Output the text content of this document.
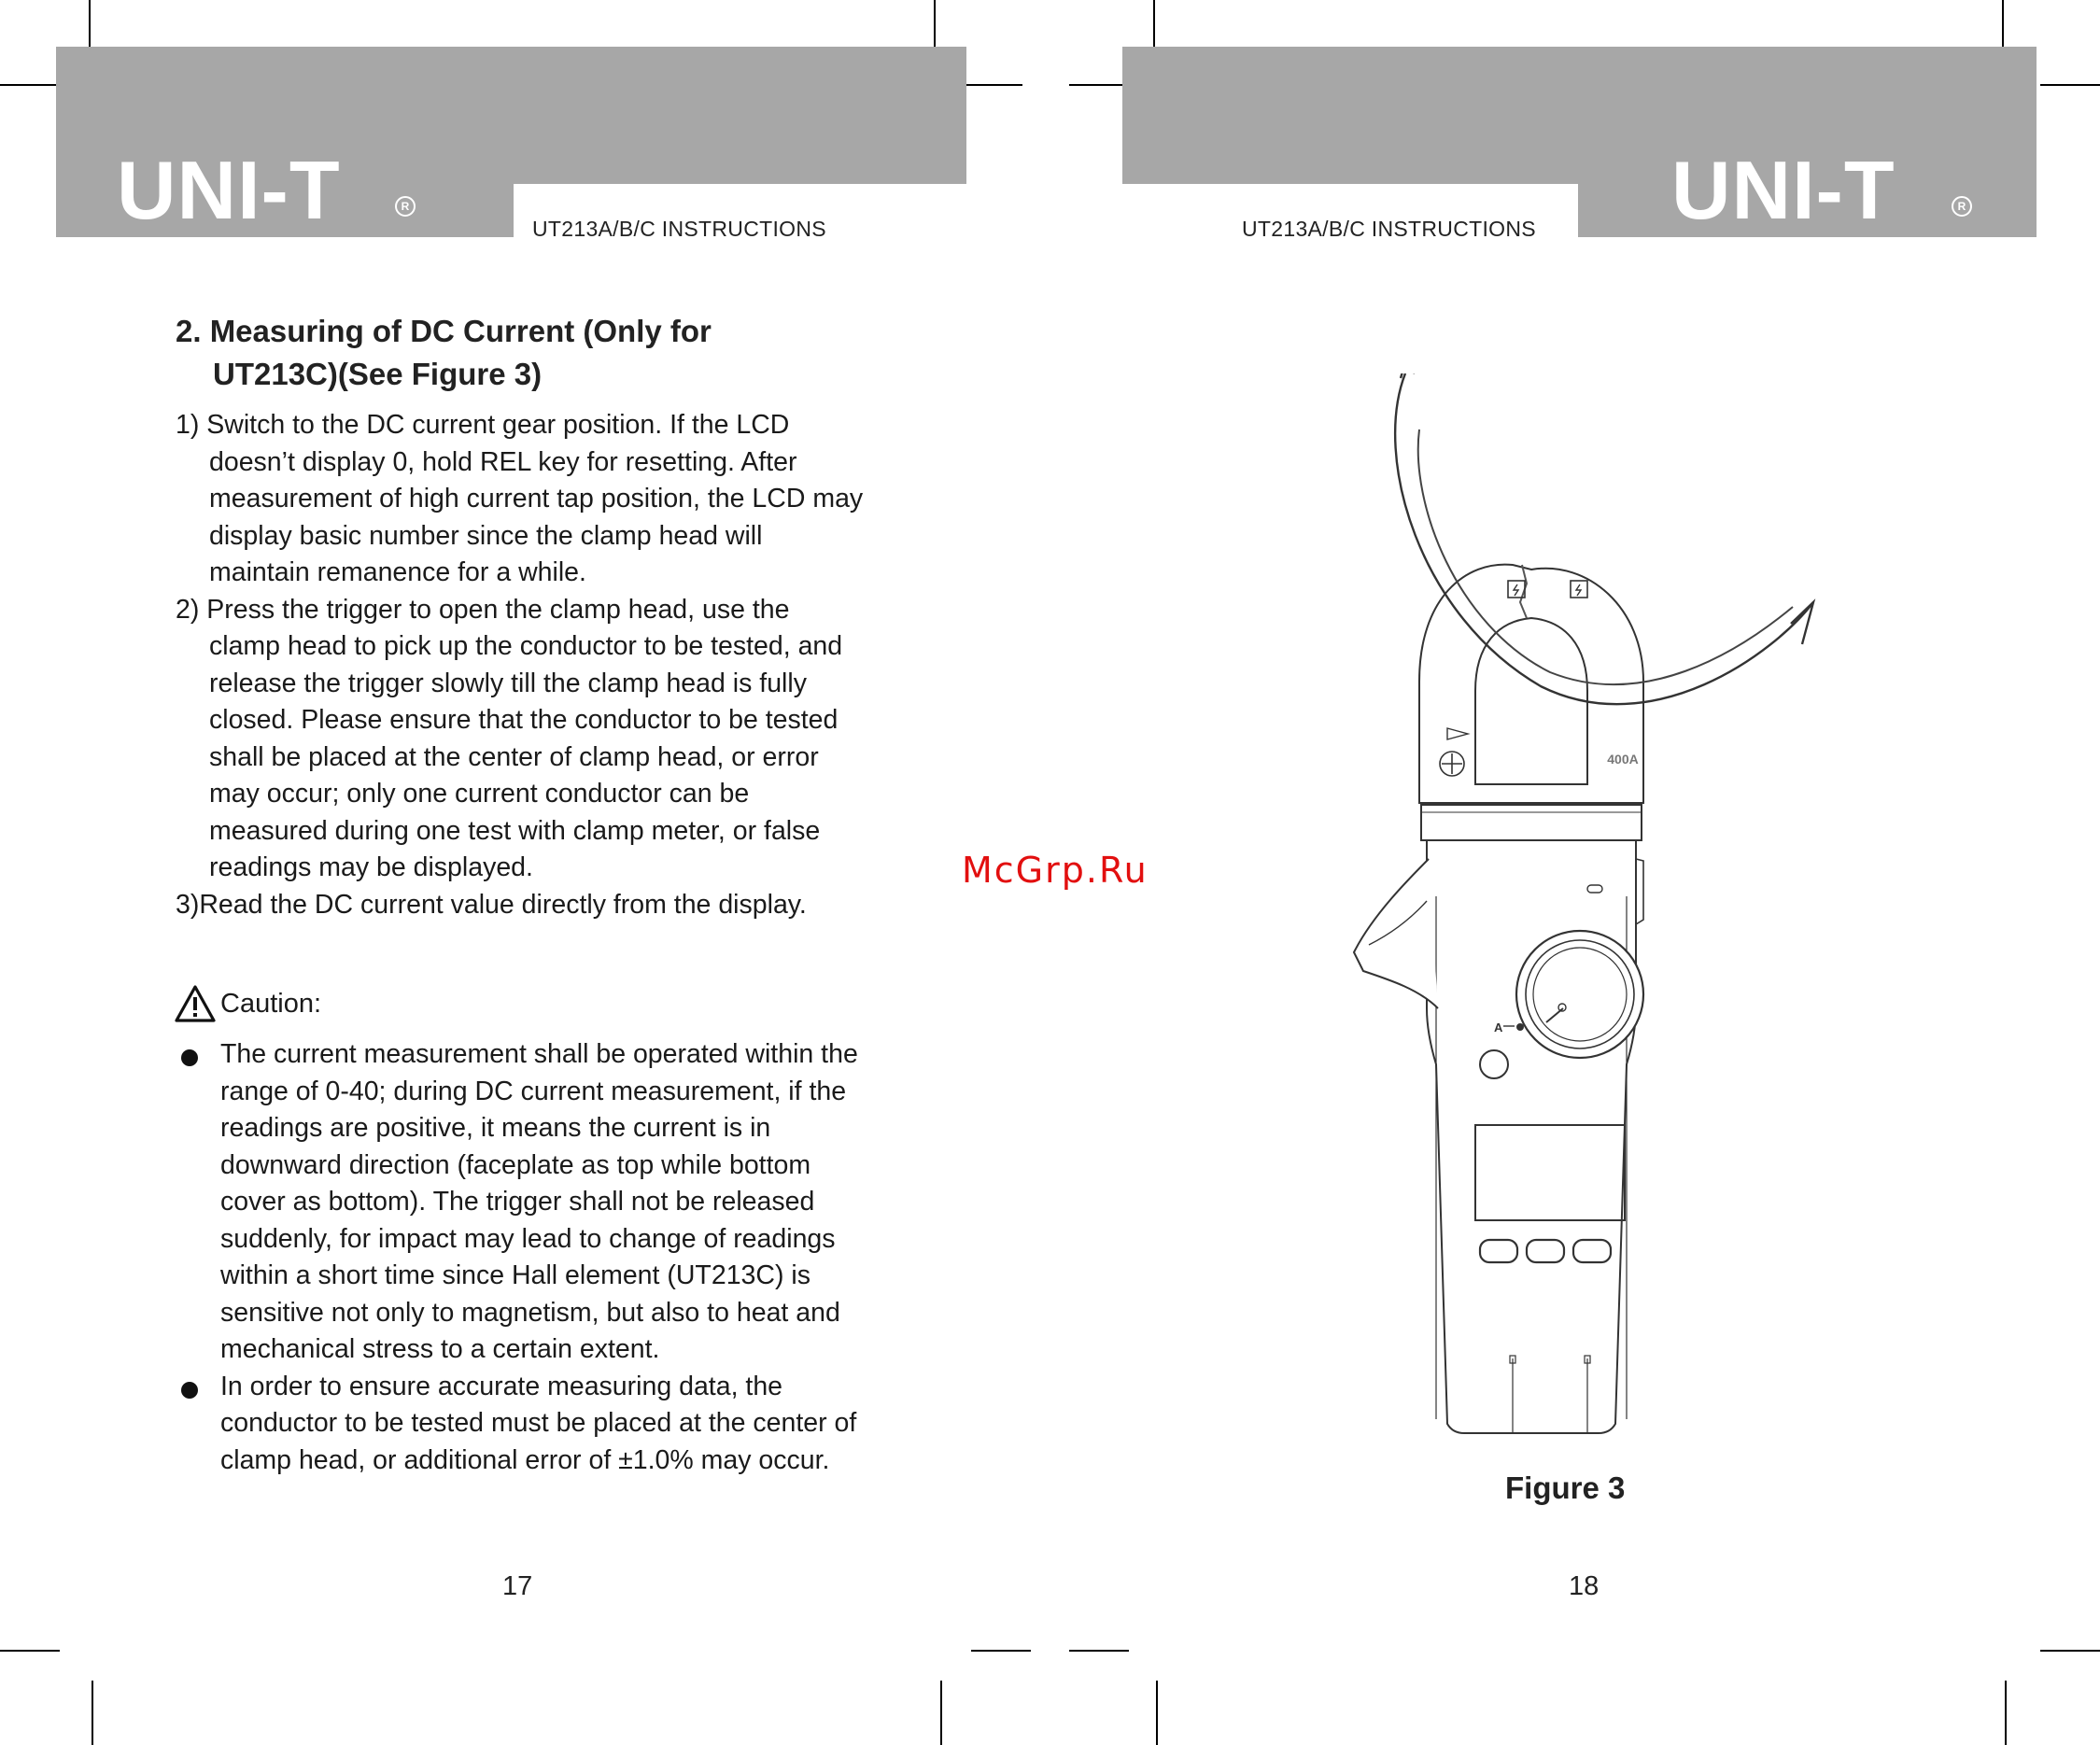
UNI-T	R
UT213A/B/C INSTRUCTIONS	UNI-T	R
UT213A/B/C INSTRUCTIONS
2. Measuring of DC Current (Only for
UT213C)(See Figure 3)

1) Switch to the DC current gear position. If the LCD doesn’t display 0, hold REL key for resetting. After measurement of high current tap position, the LCD may display basic number since the clamp head will maintain remanence for a while.

2) Press the trigger to open the clamp head, use the clamp head to pick up the conductor to be tested, and release the trigger slowly till the clamp head is fully closed. Please ensure that the conductor to be tested shall be placed at the center of clamp head, or error may occur; only one current conductor can be measured during one test with clamp meter, or false readings may be displayed.

3)Read the DC current value directly from the display.

Caution:

The current measurement shall be operated within the range of 0-40; during DC current measurement, if the readings are positive, it means the current is in downward direction (faceplate as top while bottom cover as bottom). The trigger shall not be released suddenly, for impact may lead to change of readings within a short time since Hall element (UT213C) is sensitive not only to magnetism, but also to heat and mechanical stress to a certain extent.

In order to ensure accurate measuring data, the conductor to be tested must be placed at the center of clamp head, or additional error of ±1.0% may occur.

17
McGrp.Ru
400A
A
Figure 3
18
